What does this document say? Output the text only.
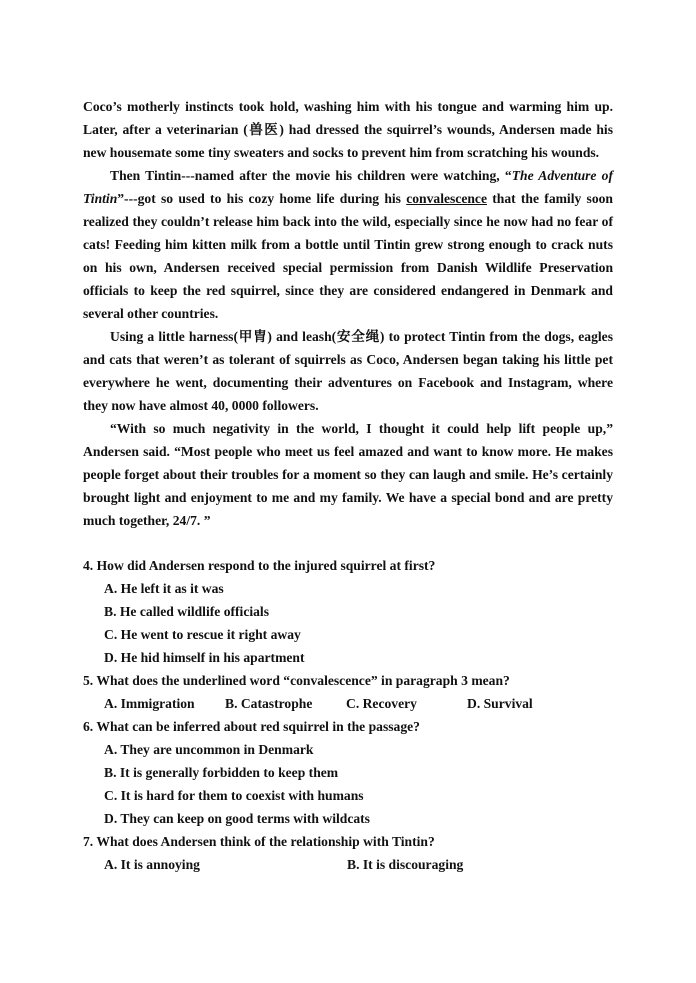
Coco’s motherly instincts took hold, washing him with his tongue and warming him up. Later, after a veterinarian (兽医) had dressed the squirrel’s wounds, Andersen made his new housemate some tiny sweaters and socks to prevent him from scratching his wounds.

Then Tintin---named after the movie his children were watching, “The Adventure of Tintin”---got so used to his cozy home life during his convalescence that the family soon realized they couldn’t release him back into the wild, especially since he now had no fear of cats! Feeding him kitten milk from a bottle until Tintin grew strong enough to crack nuts on his own, Andersen received special permission from Danish Wildlife Preservation officials to keep the red squirrel, since they are considered endangered in Denmark and several other countries.

Using a little harness(甲胄) and leash(安全绳) to protect Tintin from the dogs, eagles and cats that weren’t as tolerant of squirrels as Coco, Andersen began taking his little pet everywhere he went, documenting their adventures on Facebook and Instagram, where they now have almost 40, 0000 followers.

“With so much negativity in the world, I thought it could help lift people up,” Andersen said. “Most people who meet us feel amazed and want to know more. He makes people forget about their troubles for a moment so they can laugh and smile. He’s certainly brought light and enjoyment to me and my family. We have a special bond and are pretty much together, 24/7. ”

4. How did Andersen respond to the injured squirrel at first?

A. He left it as it was

B. He called wildlife officials

C. He went to rescue it right away

D. He hid himself in his apartment

5. What does the underlined word “convalescence” in paragraph 3 mean?

A. Immigration	B. Catastrophe	C. Recovery	D. Survival

6. What can be inferred about red squirrel in the passage?

A. They are uncommon in Denmark

B. It is generally forbidden to keep them

C. It is hard for them to coexist with humans

D. They can keep on good terms with wildcats

7. What does Andersen think of the relationship with Tintin?

A. It is annoying	B. It is discouraging
